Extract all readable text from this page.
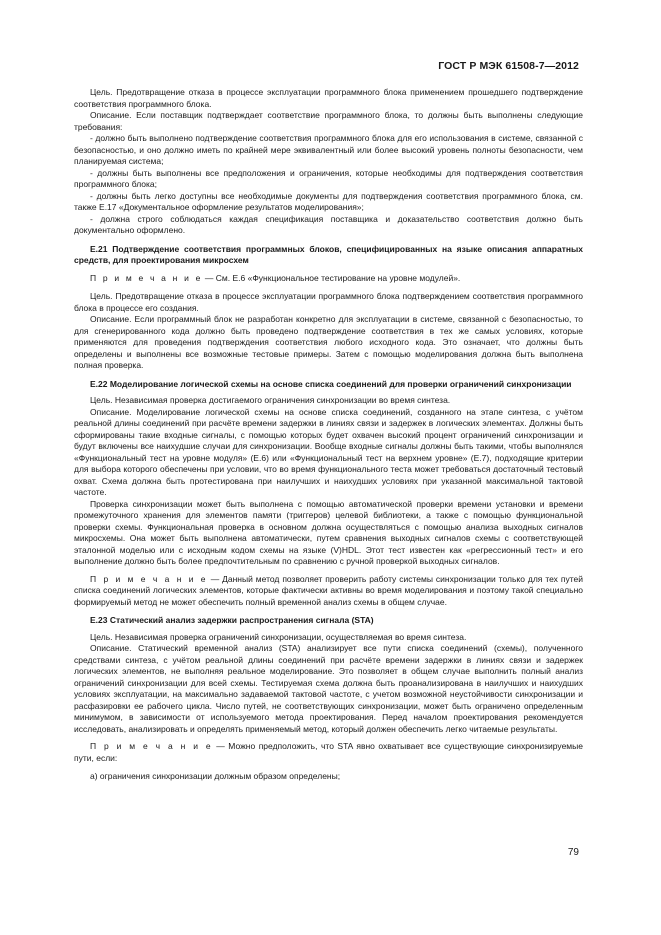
ГОСТ Р МЭК 61508-7—2012

Цель. Предотвращение отказа в процессе эксплуатации программного блока применением прошедшего подтверждение соответствия программного блока.

Описание. Если поставщик подтверждает соответствие программного блока, то должны быть выполнены следующие требования:

- должно быть выполнено подтверждение соответствия программного блока для его использования в системе, связанной с безопасностью, и оно должно иметь по крайней мере эквивалентный или более высокий уровень полноты безопасности, чем планируемая система;

- должны быть выполнены все предположения и ограничения, которые необходимы для подтверждения соответствия программного блока;

- должны быть легко доступны все необходимые документы для подтверждения соответствия программного блока, см. также Е.17 «Документальное оформление результатов моделирования»;

- должна строго соблюдаться каждая спецификация поставщика и доказательство соответствия должно быть документально оформлено.

Е.21 Подтверждение соответствия программных блоков, специфицированных на языке описания аппаратных средств, для проектирования микросхем
П р и м е ч а н и е — См. Е.6 «Функциональное тестирование на уровне модулей».

Цель. Предотвращение отказа в процессе эксплуатации программного блока подтверждением соответствия программного блока в процессе его создания.

Описание. Если программный блок не разработан конкретно для эксплуатации в системе, связанной с безопасностью, то для сгенерированного кода должно быть проведено подтверждение соответствия в тех же самых условиях, которые применяются для проведения подтверждения соответствия любого исходного кода. Это означает, что должны быть определены и выполнены все возможные тестовые примеры. Затем с помощью моделирования должна быть выполнена полная проверка.

Е.22 Моделирование логической схемы на основе списка соединений для проверки ограничений синхронизации

Цель. Независимая проверка достигаемого ограничения синхронизации во время синтеза.

Описание. Моделирование логической схемы на основе списка соединений, созданного на этапе синтеза, с учётом реальной длины соединений при расчёте времени задержки в линиях связи и задержек в логических элементах. Должны быть сформированы такие входные сигналы, с помощью которых будет охвачен высокий процент ограничений синхронизации и будут включены все наихудшие случаи для синхронизации. Вообще входные сигналы должны быть такими, чтобы выполнялся «Функциональный тест на уровне модуля» (Е.6) или «Функциональный тест на верхнем уровне» (Е.7), подходящие критерии для выбора которого обеспечены при условии, что во время функционального теста может требоваться достаточный тестовый охват. Схема должна быть протестирована при наилучших и наихудших условиях при указанной максимальной тактовой частоте.

Проверка синхронизации может быть выполнена с помощью автоматической проверки времени установки и времени промежуточного хранения для элементов памяти (триггеров) целевой библиотеки, а также с помощью функциональной проверки схемы. Функциональная проверка в основном должна осуществляться с помощью анализа выходных сигналов микросхемы. Она может быть выполнена автоматически, путем сравнения выходных сигналов схемы с соответствующей эталонной моделью или с исходным кодом схемы на языке (V)HDL. Этот тест известен как «регрессионный тест» и его выполнение должно быть более предпочтительным по сравнению с ручной проверкой выходных сигналов.

П р и м е ч а н и е — Данный метод позволяет проверить работу системы синхронизации только для тех путей списка соединений логических элементов, которые фактически активны во время моделирования и поэтому такой специально формируемый метод не может обеспечить полный временной анализ схемы в общем случае.
Е.23 Статический анализ задержки распространения сигнала (STA)

Цель. Независимая проверка ограничений синхронизации, осуществляемая во время синтеза.

Описание. Статический временной анализ (STA) анализирует все пути списка соединений (схемы), полученного средствами синтеза, с учётом реальной длины соединений при расчёте времени задержки в линиях связи и задержек логических элементов, не выполняя реальное моделирование. Это позволяет в общем случае выполнить полный анализ ограничений синхронизации для всей схемы. Тестируемая схема должна быть проанализирована в наилучших и наихудших условиях эксплуатации, на максимально задаваемой тактовой частоте, с учетом возможной неустойчивости синхронизации и расфазировки ее рабочего цикла. Число путей, не соответствующих синхронизации, может быть ограничено определенным минимумом, в зависимости от используемого метода проектирования. Перед началом проектирования рекомендуется исследовать, анализировать и определять применяемый метод, который должен обеспечить легко читаемые результаты.

П р и м е ч а н и е — Можно предположить, что STA явно охватывает все существующие синхронизируемые пути, если:

a) ограничения синхронизации должным образом определены;

79
